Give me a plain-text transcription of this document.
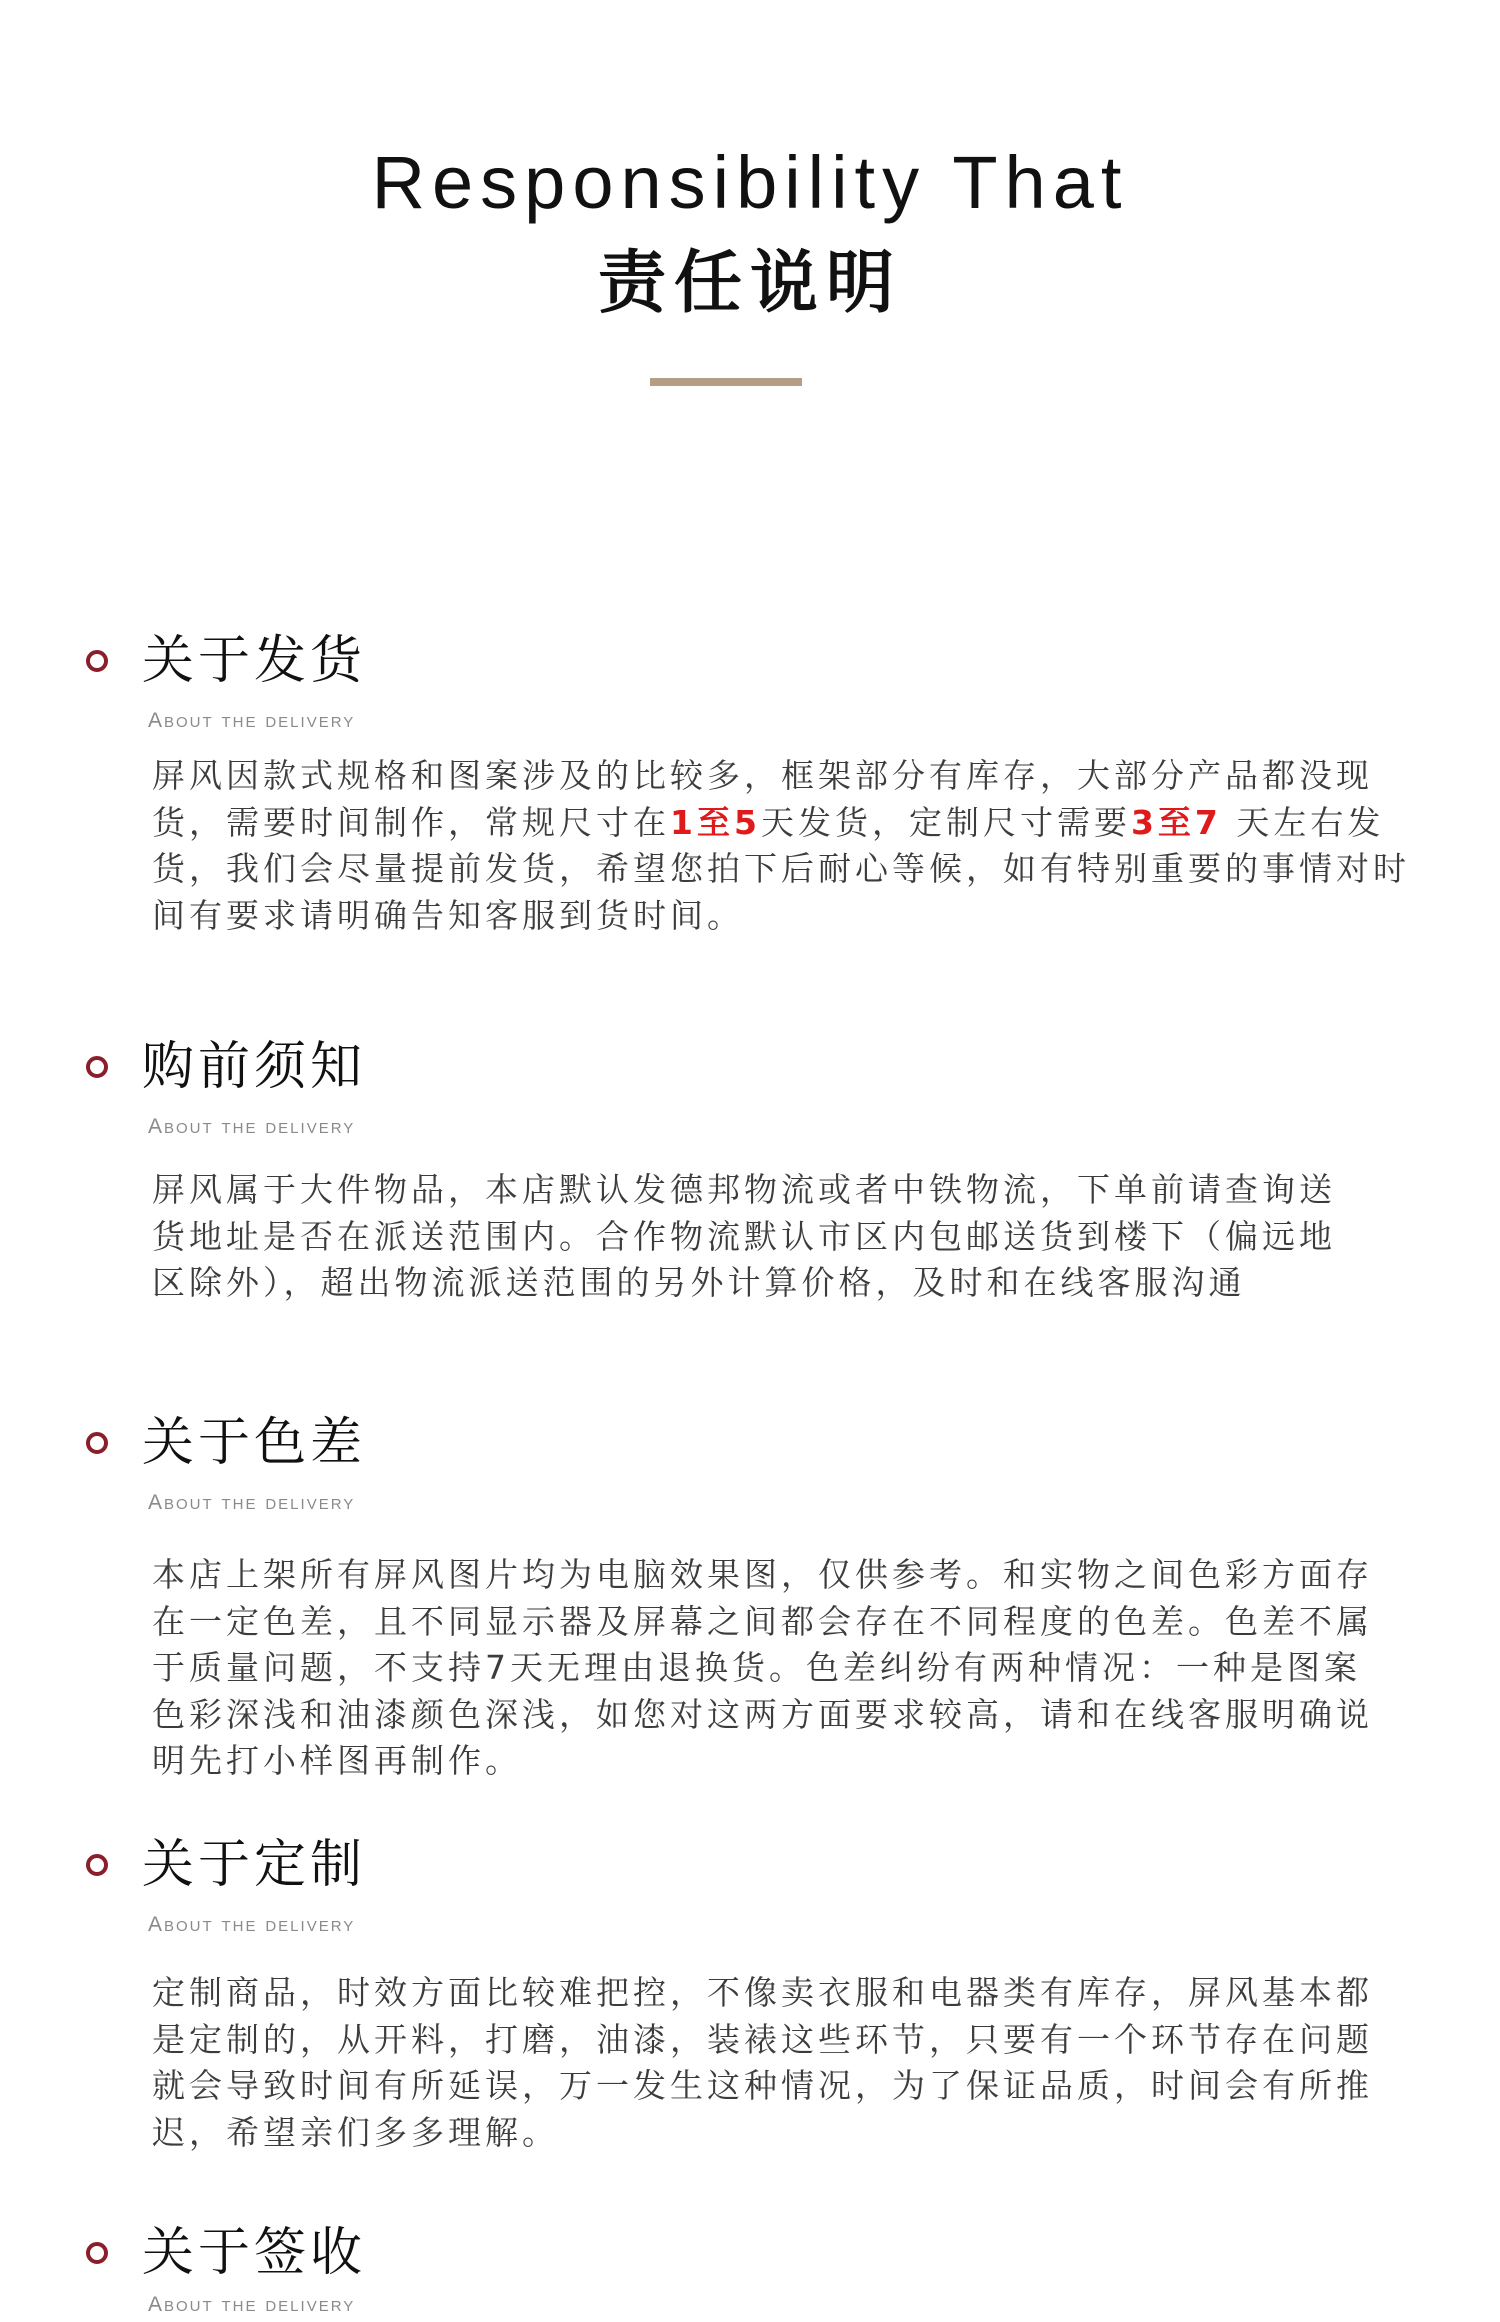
Responsibility That
责任说明
关于发货
About the delivery
屏风因款式规格和图案涉及的比较多，框架部分有库存，大部分产品都没现货，需要时间制作，常规尺寸在1至5天发货，定制尺寸需要3至7 天左右发货，我们会尽量提前发货，希望您拍下后耐心等候，如有特别重要的事情对时间有要求请明确告知客服到货时间。
购前须知
About the delivery
屏风属于大件物品，本店默认发德邦物流或者中铁物流，下单前请查询送货地址是否在派送范围内。合作物流默认市区内包邮送货到楼下（偏远地区除外），超出物流派送范围的另外计算价格，及时和在线客服沟通
关于色差
About the delivery
本店上架所有屏风图片均为电脑效果图，仅供参考。和实物之间色彩方面存在一定色差，且不同显示器及屏幕之间都会存在不同程度的色差。色差不属于质量问题，不支持7天无理由退换货。色差纠纷有两种情况：一种是图案色彩深浅和油漆颜色深浅，如您对这两方面要求较高，请和在线客服明确说明先打小样图再制作。
关于定制
About the delivery
定制商品，时效方面比较难把控，不像卖衣服和电器类有库存，屏风基本都是定制的，从开料，打磨，油漆，装裱这些环节，只要有一个环节存在问题就会导致时间有所延误，万一发生这种情况，为了保证品质，时间会有所推迟，希望亲们多多理解。
关于签收
About the delivery
